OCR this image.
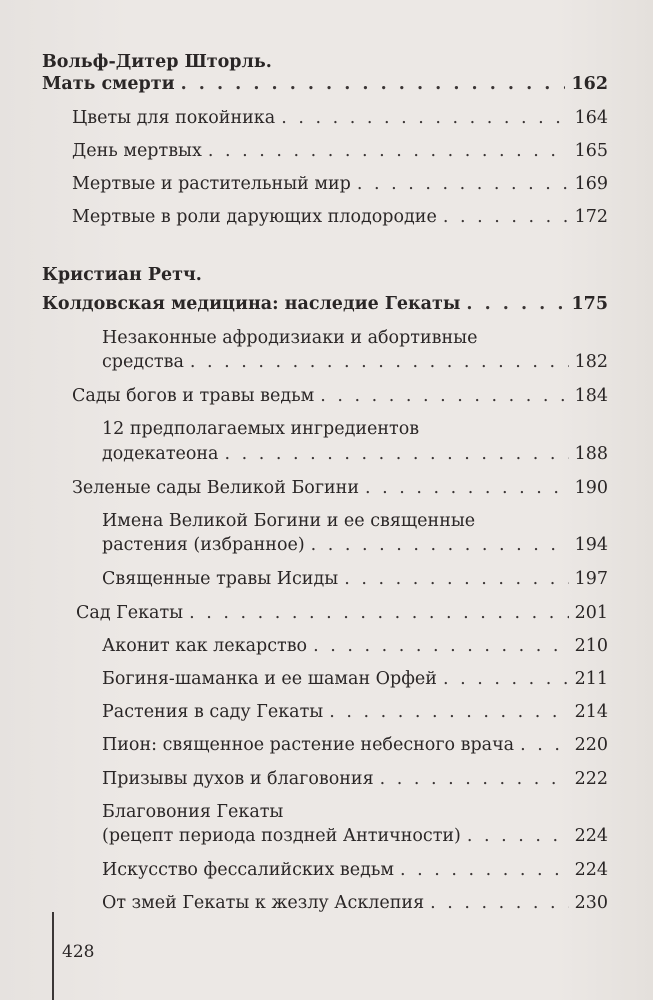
Вольф-Дитер Шторль.
Мать смерти . . .	162
Цветы для покойника . . .	164
День мертвых . . .	165
Мертвые и растительный мир . . .	169
Мертвые в роли дарующих плодородие . . .	172
Кристиан Ретч.
Колдовская медицина: наследие Гекаты . . .	175
Незаконные афродизиаки и абортивные
средства . . .	182
Сады богов и травы ведьм . . .	184
12 предполагаемых ингредиентов
додекатеона . . .	188
Зеленые сады Великой Богини . . .	190
Имена Великой Богини и ее священные
растения (избранное) . . .	194
Священные травы Исиды . . .	197
Сад Гекаты . . .	201
Аконит как лекарство . . .	210
Богиня-шаманка и ее шаман Орфей . . .	211
Растения в саду Гекаты . . .	214
Пион: священное растение небесного врача . . .	220
Призывы духов и благовония . . .	222
Благовония Гекаты
(рецепт периода поздней Античности) . . .	224
Искусство фессалийских ведьм . . .	224
От змей Гекаты к жезлу Асклепия . . .	230
428
